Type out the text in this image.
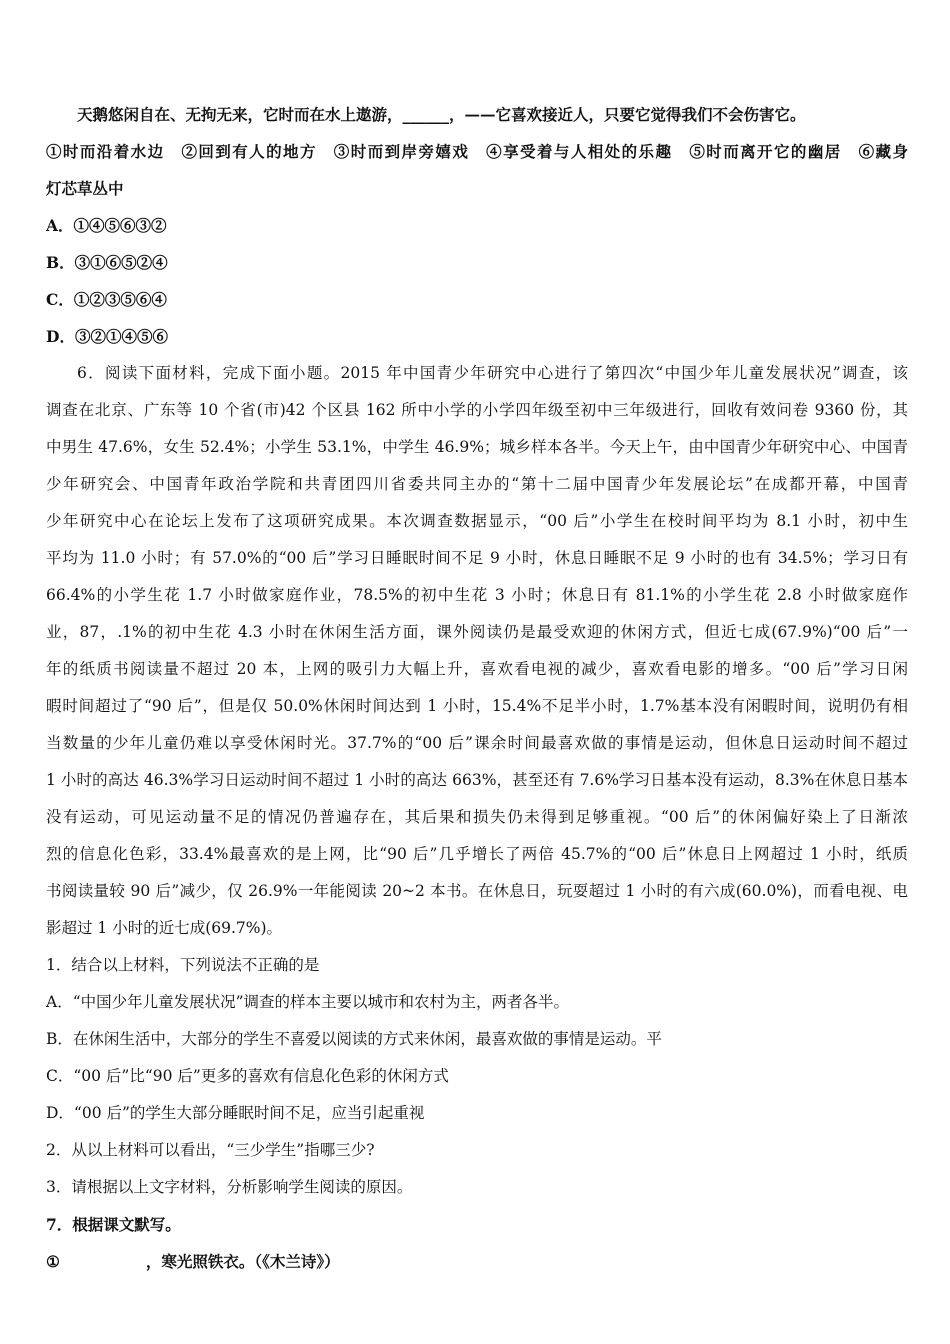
天鹅悠闲自在、无拘无来，它时而在水上遨游，______，——它喜欢接近人，只要它觉得我们不会伤害它。
①时而沿着水边　②回到有人的地方　③时而到岸旁嬉戏　④享受着与人相处的乐趣　⑤时而离开它的幽居　⑥藏身
灯芯草丛中
A．①④⑤⑥③②
B．③①⑥⑤②④
C．①②③⑤⑥④
D．③②①④⑤⑥
6．阅读下面材料，完成下面小题。2015 年中国青少年研究中心进行了第四次“中国少年儿童发展状况”调查，该
调查在北京、广东等 10 个省(市)42 个区县 162 所中小学的小学四年级至初中三年级进行，回收有效问卷 9360 份，其
中男生 47.6%，女生 52.4%；小学生 53.1%，中学生 46.9%；城乡样本各半。今天上午，由中国青少年研究中心、中国青
少年研究会、中国青年政治学院和共青团四川省委共同主办的“第十二届中国青少年发展论坛”在成都开幕，中国青
少年研究中心在论坛上发布了这项研究成果。本次调查数据显示，“00 后”小学生在校时间平均为 8.1 小时，初中生
平均为 11.0 小时；有 57.0%的“00 后”学习日睡眠时间不足 9 小时，休息日睡眠不足 9 小时的也有 34.5%；学习日有
66.4%的小学生花 1.7 小时做家庭作业，78.5%的初中生花 3 小时；休息日有 81.1%的小学生花 2.8 小时做家庭作
业，87，.1%的初中生花 4.3 小时在休闲生活方面，课外阅读仍是最受欢迎的休闲方式，但近七成(67.9%)“00 后”一
年的纸质书阅读量不超过 20 本，上网的吸引力大幅上升，喜欢看电视的减少，喜欢看电影的增多。“00 后”学习日闲
暇时间超过了“90 后”，但是仅 50.0%休闲时间达到 1 小时，15.4%不足半小时，1.7%基本没有闲暇时间，说明仍有相
当数量的少年儿童仍难以享受休闲时光。37.7%的“00 后”课余时间最喜欢做的事情是运动，但休息日运动时间不超过
1 小时的高达 46.3%学习日运动时间不超过 1 小时的高达 663%，甚至还有 7.6%学习日基本没有运动，8.3%在休息日基本
没有运动，可见运动量不足的情况仍普遍存在，其后果和损失仍未得到足够重视。“00 后”的休闲偏好染上了日渐浓
烈的信息化色彩，33.4%最喜欢的是上网，比“90 后”几乎增长了两倍 45.7%的“00 后”休息日上网超过 1 小时，纸质
书阅读量较 90 后”减少，仅 26.9%一年能阅读 20~2 本书。在休息日，玩耍超过 1 小时的有六成(60.0%)，而看电视、电
影超过 1 小时的近七成(69.7%)。
1．结合以上材料，下列说法不正确的是
A．“中国少年儿童发展状况”调查的样本主要以城市和农村为主，两者各半。
B．在休闲生活中，大部分的学生不喜爱以阅读的方式来休闲，最喜欢做的事情是运动。平
C．“00 后”比“90 后”更多的喜欢有信息化色彩的休闲方式
D．“00 后”的学生大部分睡眠时间不足，应当引起重视
2．从以上材料可以看出，“三少学生”指哪三少?
3．请根据以上文字材料，分析影响学生阅读的原因。
7．根据课文默写。
①	，寒光照铁衣。（《木兰诗》）
